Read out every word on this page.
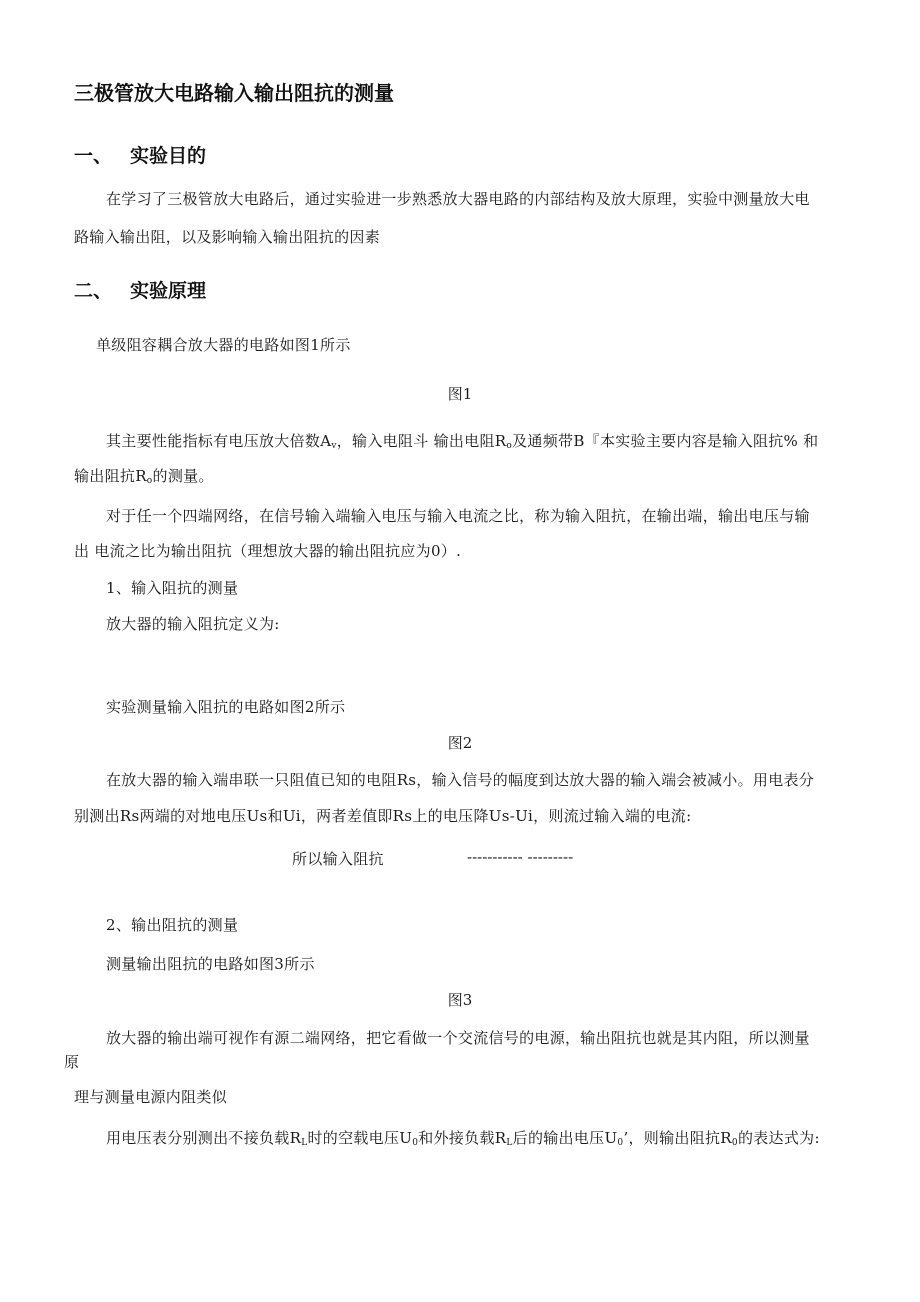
三极管放大电路输入输出阻抗的测量
一、 实验目的
在学习了三极管放大电路后，通过实验进一步熟悉放大器电路的内部结构及放大原理，实验中测量放大电
路输入输出阻，以及影响输入输出阻抗的因素
二、 实验原理
单级阻容耦合放大器的电路如图1所示
图1
其主要性能指标有电压放大倍数$A_v$，输入电阻斗 输出电阻$R_o$及通频带B『本实验主要内容是输入阻抗% 和
输出阻抗$R_o$的测量。
对于任一个四端网络，在信号输入端输入电压与输入电流之比，称为输入阻抗，在输出端，输出电压与输
出 电流之比为输出阻抗（理想放大器的输出阻抗应为0）.
1、输入阻抗的测量
放大器的输入阻抗定义为:
实验测量输入阻抗的电路如图2所示
图2
在放大器的输入端串联一只阻值已知的电阻Rs，输入信号的幅度到达放大器的输入端会被减小。用电表分
别测出Rs两端的对地电压Us和Ui，两者差值即Rs上的电压降Us-Ui，则流过输入端的电流:
所以输入阻抗	----------- ---------
2、输出阻抗的测量
测量输出阻抗的电路如图3所示
图3
放大器的输出端可视作有源二端网络，把它看做一个交流信号的电源，输出阻抗也就是其内阻，所以测量
原
理与测量电源内阻类似
用电压表分别测出不接负载$R_L$时的空载电压$U_0$和外接负载$R_L$后的输出电压$U_0$’，则输出阻抗$R_0$的表达式为:
